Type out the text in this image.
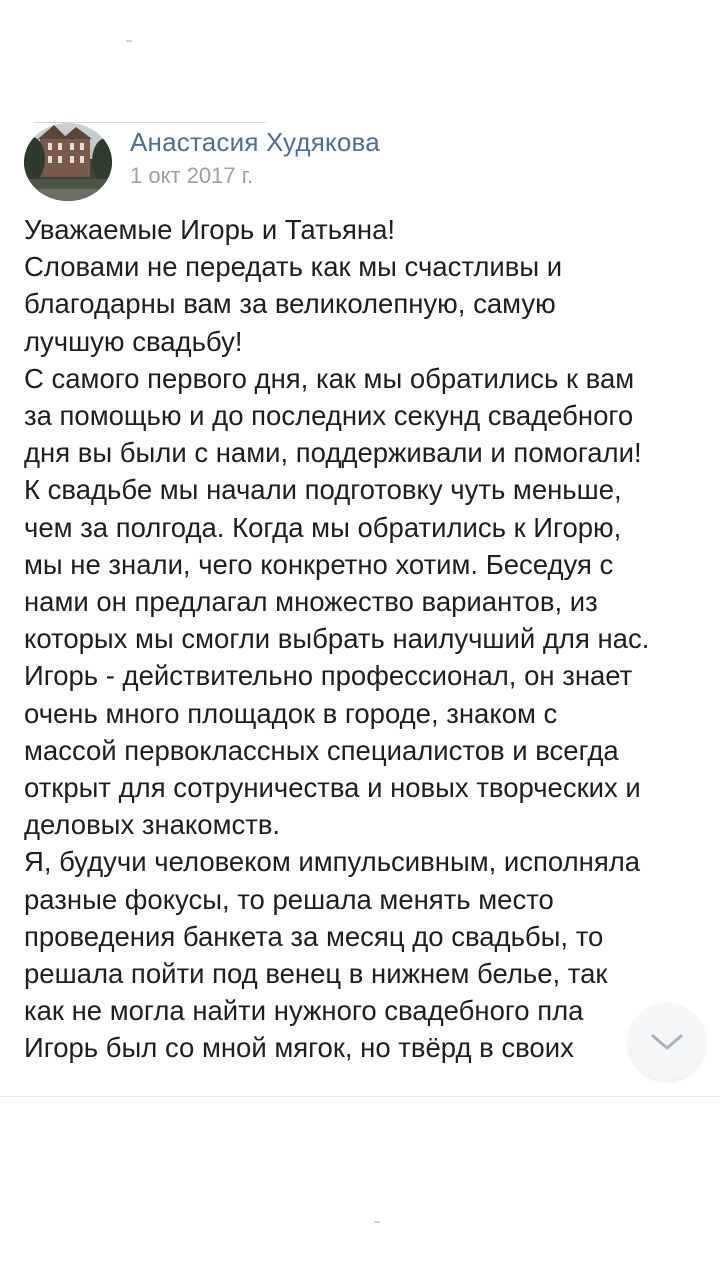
Анастасия Худякова
1 окт 2017 г.

Уважаемые Игорь и Татьяна!

Словами не передать как мы счастливы и
благодарны вам за великолепную, самую
лучшую свадьбу!

С самого первого дня, как мы обратились к вам
за помощью и до последних секунд свадебного
дня вы были с нами, поддерживали и помогали!

К свадьбе мы начали подготовку чуть меньше,
чем за полгода. Когда мы обратились к Игорю,
мы не знали, чего конкретно хотим. Беседуя с
нами он предлагал множество вариантов, из
которых мы смогли выбрать наилучший для нас.

Игорь - действительно профессионал, он знает
очень много площадок в городе, знаком с
массой первоклассных специалистов и всегда
открыт для сотруничества и новых творческих и
деловых знакомств.

Я, будучи человеком импульсивным, исполняла
разные фокусы, то решала менять место
проведения банкета за месяц до свадьбы, то
решала пойти под венец в нижнем белье, так
как не могла найти нужного свадебного пла

Игорь был со мной мягок, но твёрд в своих
